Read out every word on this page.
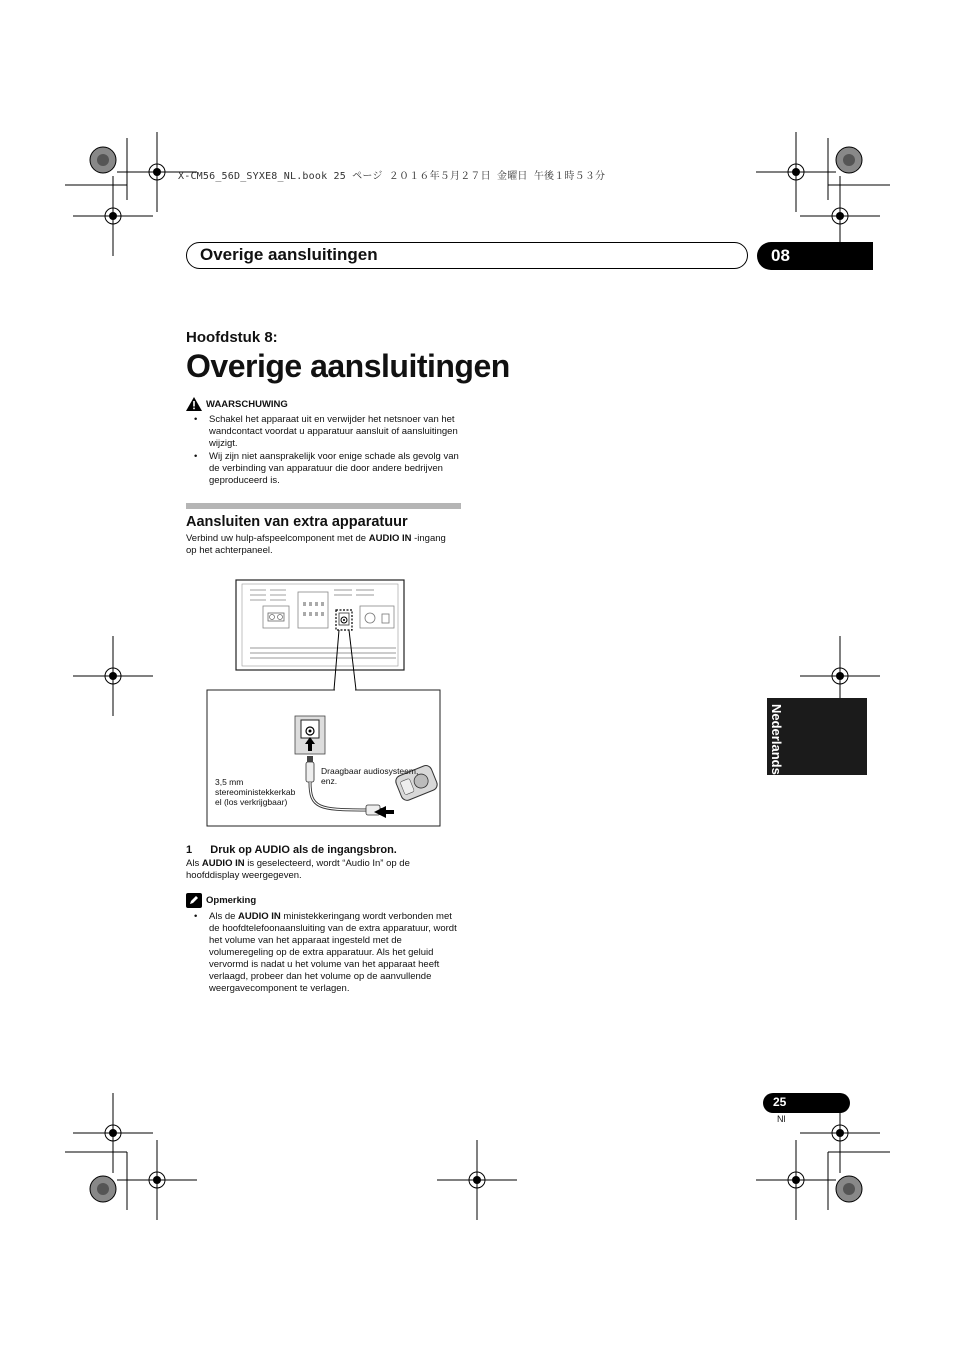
X-CM56_56D_SYXE8_NL.book 25 ページ ２０１６年５月２７日 金曜日 午後１時５３分
Overige aansluitingen	08
Hoofdstuk 8:
Overige aansluitingen
WAARSCHUWING
• Schakel het apparaat uit en verwijder het netsnoer van het wandcontact voordat u apparatuur aansluit of aansluitingen wijzigt.
• Wij zijn niet aansprakelijk voor enige schade als gevolg van de verbinding van apparatuur die door andere bedrijven geproduceerd is.
Aansluiten van extra apparatuur
Verbind uw hulp-afspeelcomponent met de AUDIO IN -ingang op het achterpaneel.
3,5 mm stereoministekkerkab el (los verkrijgbaar)
Draagbaar audiosysteem, enz.
1 Druk op AUDIO als de ingangsbron.
Als AUDIO IN is geselecteerd, wordt “Audio In” op de hoofddisplay weergegeven.
Opmerking
• Als de AUDIO IN ministekkeringang wordt verbonden met de hoofdtelefoonaansluiting van de extra apparatuur, wordt het volume van het apparaat ingesteld met de volumeregeling op de extra apparatuur. Als het geluid vervormd is nadat u het volume van het apparaat heeft verlaagd, probeer dan het volume op de aanvullende weergavecomponent te verlagen.
Nederlands
25
Nl
